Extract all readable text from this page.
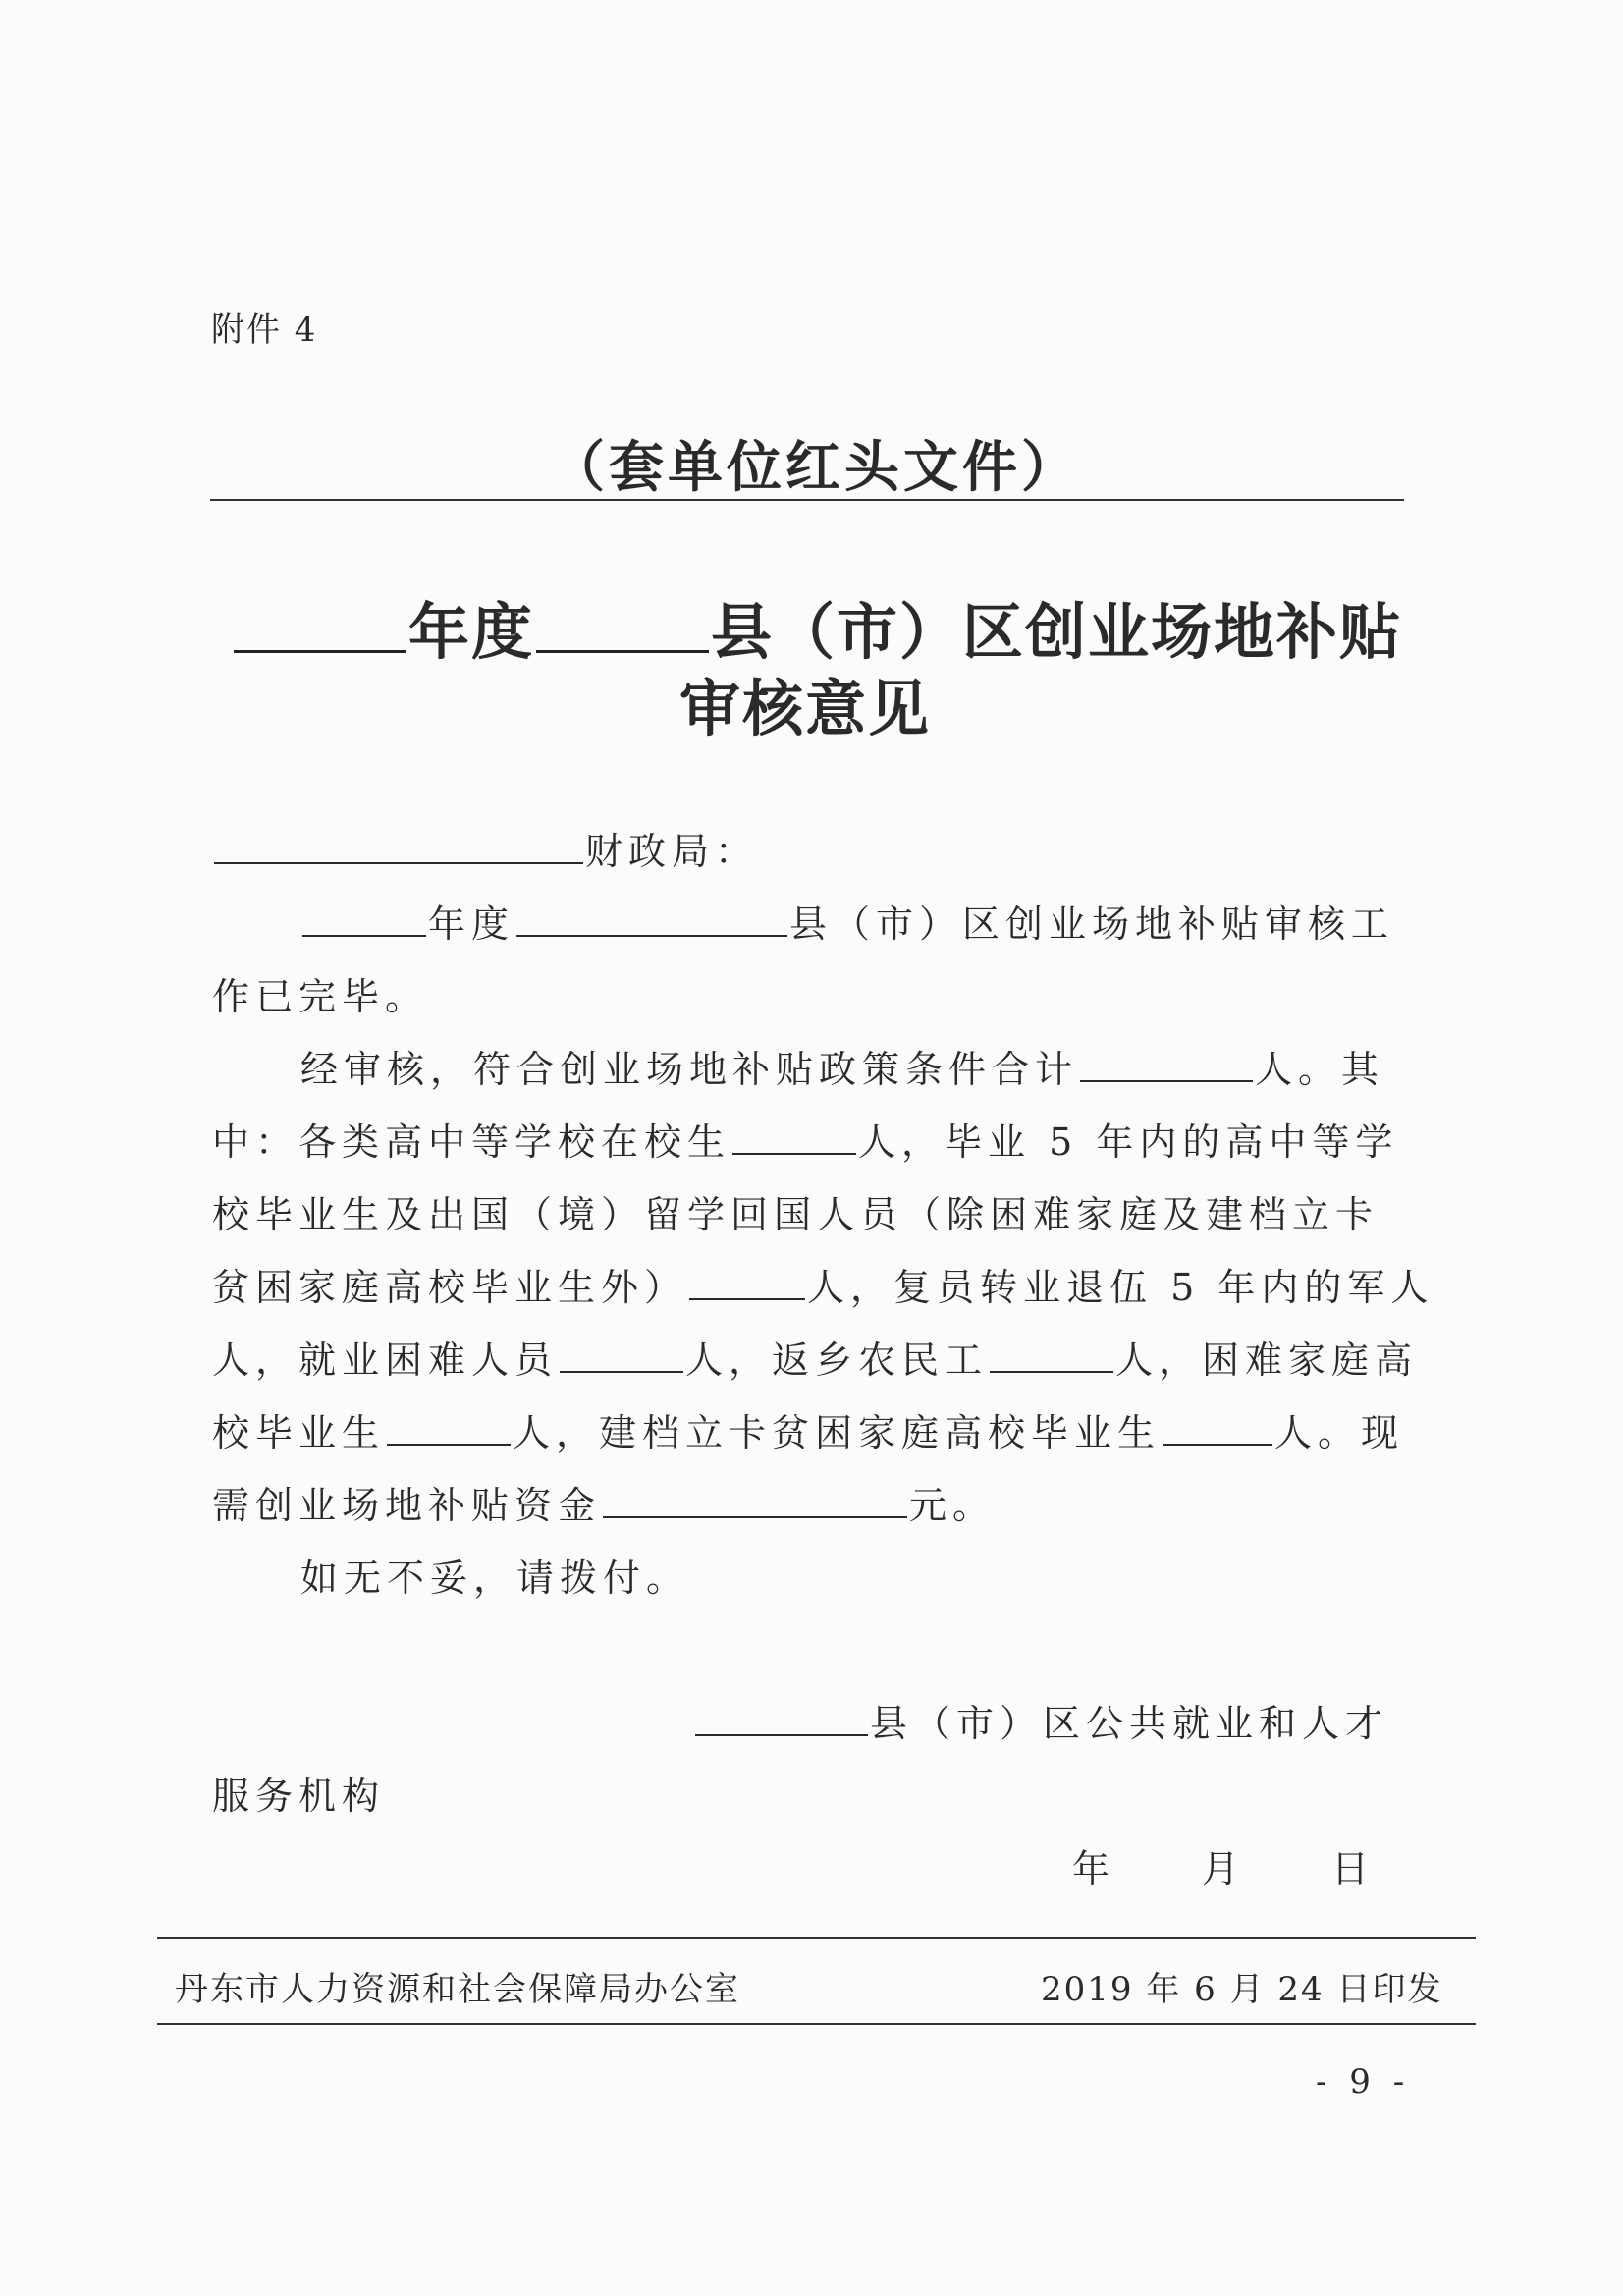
附件 4
（套单位红头文件）
年度	县（市）区创业场地补贴
审核意见
财政局：
年度	县（市）区创业场地补贴审核工
作已完毕。
经审核，符合创业场地补贴政策条件合计	人。其
中：各类高中等学校在校生	人，毕业 5 年内的高中等学
校毕业生及出国（境）留学回国人员（除困难家庭及建档立卡
贫困家庭高校毕业生外）	人，复员转业退伍 5 年内的军人
人，就业困难人员	人，返乡农民工	人，困难家庭高
校毕业生	人，建档立卡贫困家庭高校毕业生	人。现
需创业场地补贴资金	元。
如无不妥，请拨付。
县（市）区公共就业和人才
服务机构
年　　月　　日
丹东市人力资源和社会保障局办公室	2019 年 6 月 24 日印发
- 9 -
